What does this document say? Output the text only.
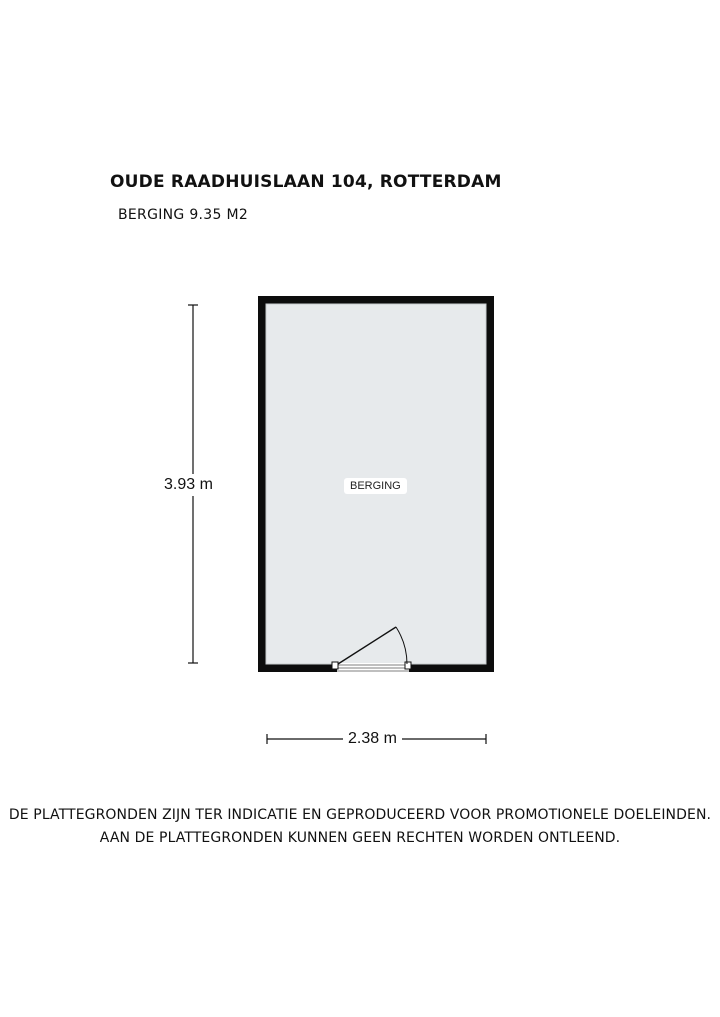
OUDE RAADHUISLAAN 104, ROTTERDAM
BERGING 9.35 M2
3.93 m	BERGING
2.38 m
DE PLATTEGRONDEN ZIJN TER INDICATIE EN GEPRODUCEERD VOOR PROMOTIONELE DOELEINDEN.
AAN DE PLATTEGRONDEN KUNNEN GEEN RECHTEN WORDEN ONTLEEND.
